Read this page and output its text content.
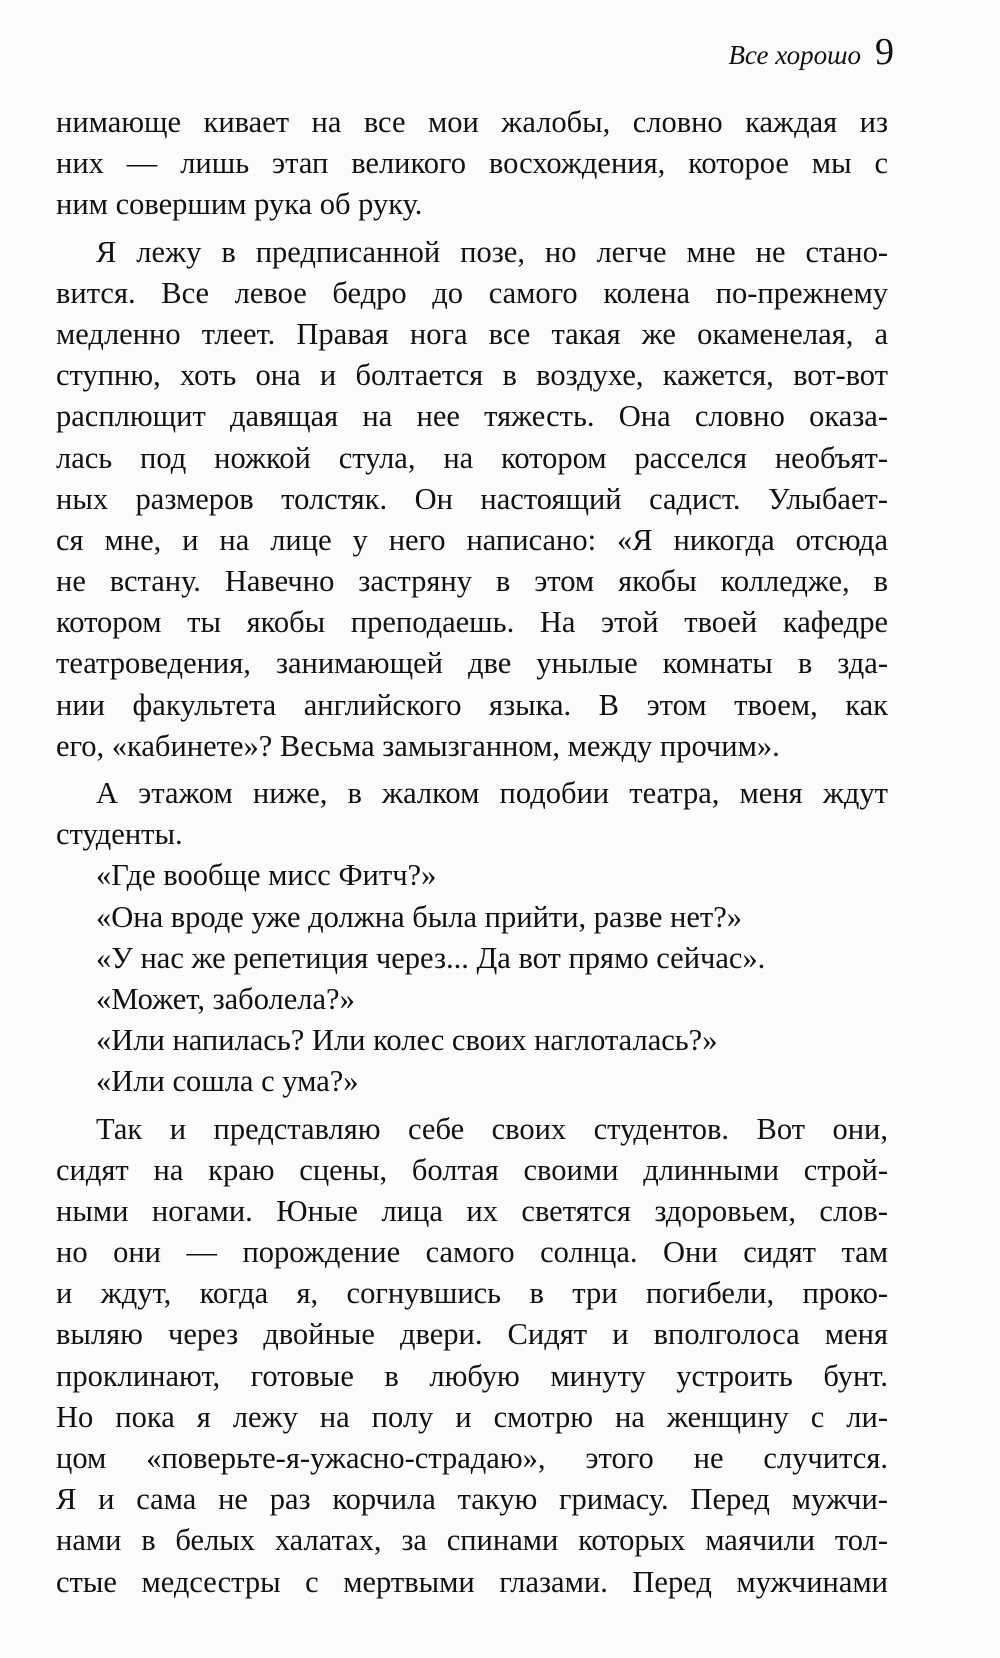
Все хорошо 9
нимающе кивает на все мои жалобы, словно каждая из
них — лишь этап великого восхождения, которое мы с
ним совершим рука об руку.
Я лежу в предписанной позе, но легче мне не стано-
вится. Все левое бедро до самого колена по-прежнему
медленно тлеет. Правая нога все такая же окаменелая, а
ступню, хоть она и болтается в воздухе, кажется, вот-вот
расплющит давящая на нее тяжесть. Она словно оказа-
лась под ножкой стула, на котором расселся необъят-
ных размеров толстяк. Он настоящий садист. Улыбает-
ся мне, и на лице у него написано: «Я никогда отсюда
не встану. Навечно застряну в этом якобы колледже, в
котором ты якобы преподаешь. На этой твоей кафедре
театроведения, занимающей две унылые комнаты в зда-
нии факультета английского языка. В этом твоем, как
его, «кабинете»? Весьма замызганном, между прочим».
А этажом ниже, в жалком подобии театра, меня ждут
студенты.
«Где вообще мисс Фитч?»
«Она вроде уже должна была прийти, разве нет?»
«У нас же репетиция через... Да вот прямо сейчас».
«Может, заболела?»
«Или напилась? Или колес своих наглоталась?»
«Или сошла с ума?»
Так и представляю себе своих студентов. Вот они,
сидят на краю сцены, болтая своими длинными строй-
ными ногами. Юные лица их светятся здоровьем, слов-
но они — порождение самого солнца. Они сидят там
и ждут, когда я, согнувшись в три погибели, проко-
выляю через двойные двери. Сидят и вполголоса меня
проклинают, готовые в любую минуту устроить бунт.
Но пока я лежу на полу и смотрю на женщину с ли-
цом «поверьте-я-ужасно-страдаю», этого не случится.
Я и сама не раз корчила такую гримасу. Перед мужчи-
нами в белых халатах, за спинами которых маячили тол-
стые медсестры с мертвыми глазами. Перед мужчинами
